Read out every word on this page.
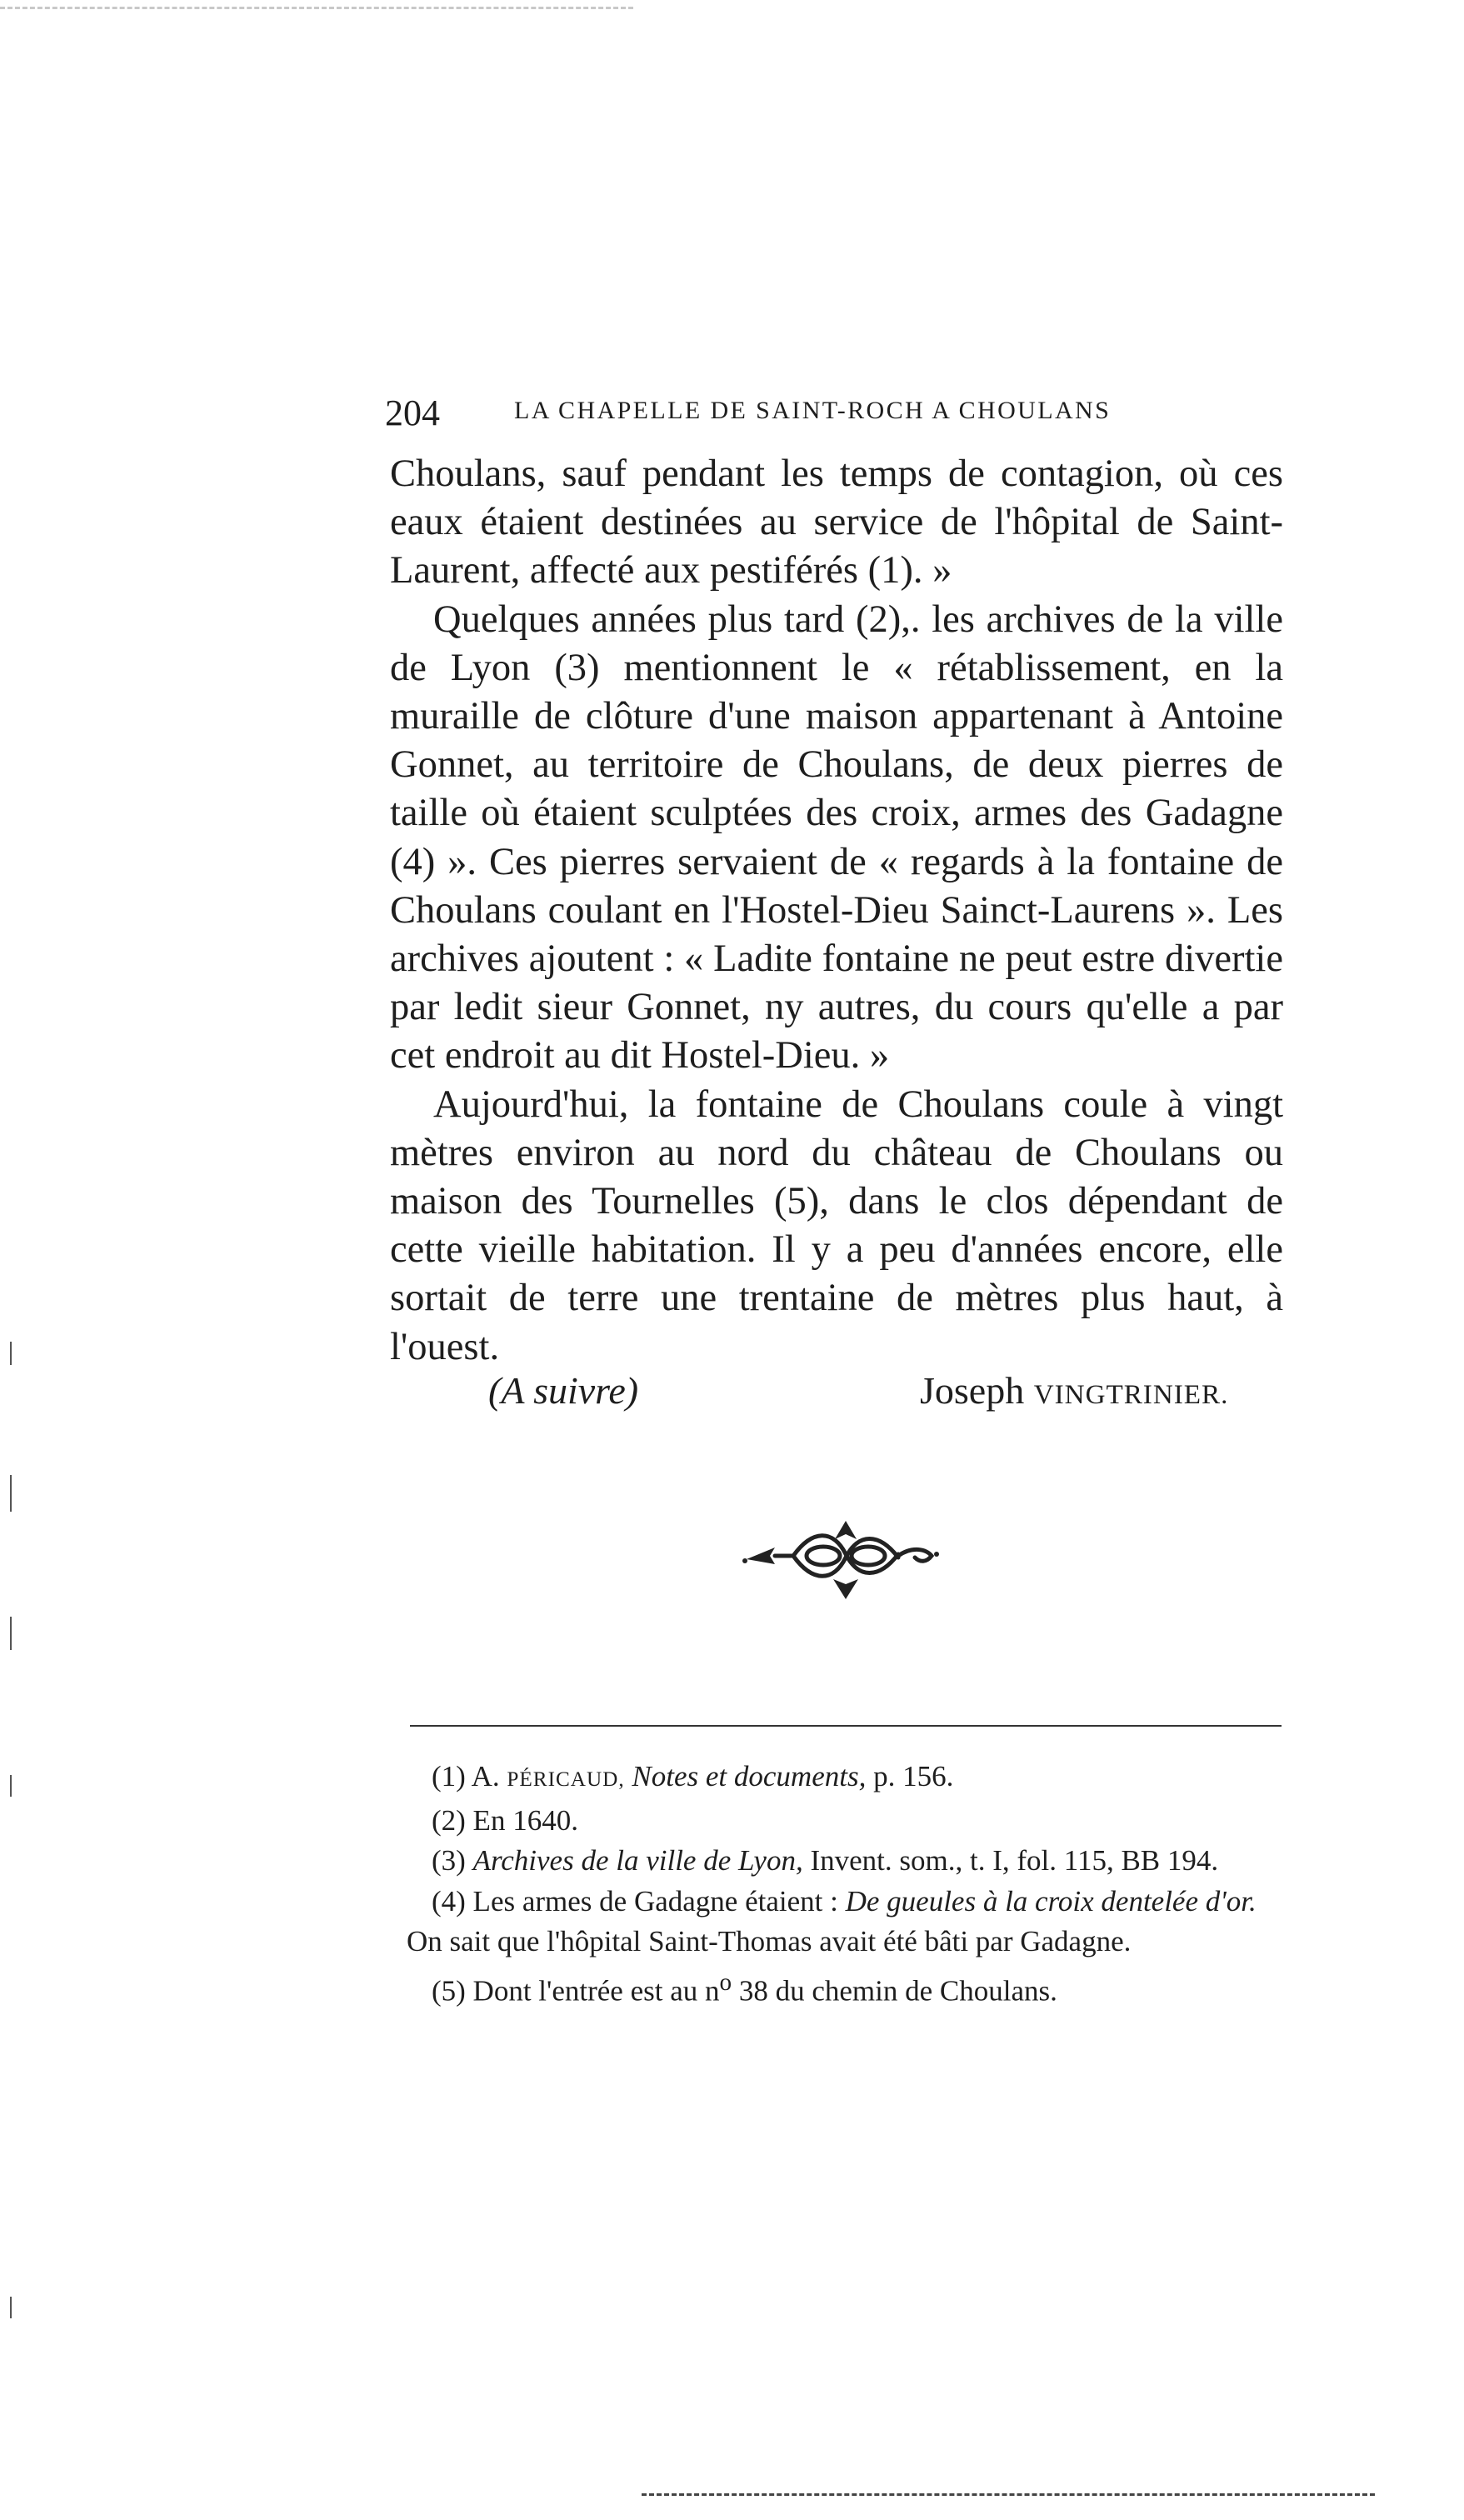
204	LA CHAPELLE DE SAINT-ROCH A CHOULANS

Choulans, sauf pendant les temps de contagion, où ces eaux étaient destinées au service de l'hôpital de Saint-Laurent, affecté aux pestiférés (1). »

Quelques années plus tard (2),. les archives de la ville de Lyon (3) mentionnent le « rétablissement, en la muraille de clôture d'une maison appartenant à Antoine Gonnet, au territoire de Choulans, de deux pierres de taille où étaient sculptées des croix, armes des Gadagne (4) ». Ces pierres servaient de « regards à la fontaine de Choulans coulant en l'Hostel-Dieu Sainct-Laurens ». Les archives ajoutent : « Ladite fontaine ne peut estre divertie par ledit sieur Gonnet, ny autres, du cours qu'elle a par cet endroit au dit Hostel-Dieu. »

Aujourd'hui, la fontaine de Choulans coule à vingt mètres environ au nord du château de Choulans ou maison des Tournelles (5), dans le clos dépendant de cette vieille habitation. Il y a peu d'années encore, elle sortait de terre une trentaine de mètres plus haut, à l'ouest.

(A suivre)	Joseph VINGTRINIER.

(1) A. PÉRICAUD, Notes et documents, p. 156.

(2) En 1640.

(3) Archives de la ville de Lyon, Invent. som., t. I, fol. 115, BB 194.

(4) Les armes de Gadagne étaient : De gueules à la croix dentelée d'or.

On sait que l'hôpital Saint-Thomas avait été bâti par Gadagne.

(5) Dont l'entrée est au $n^o$ 38 du chemin de Choulans.
